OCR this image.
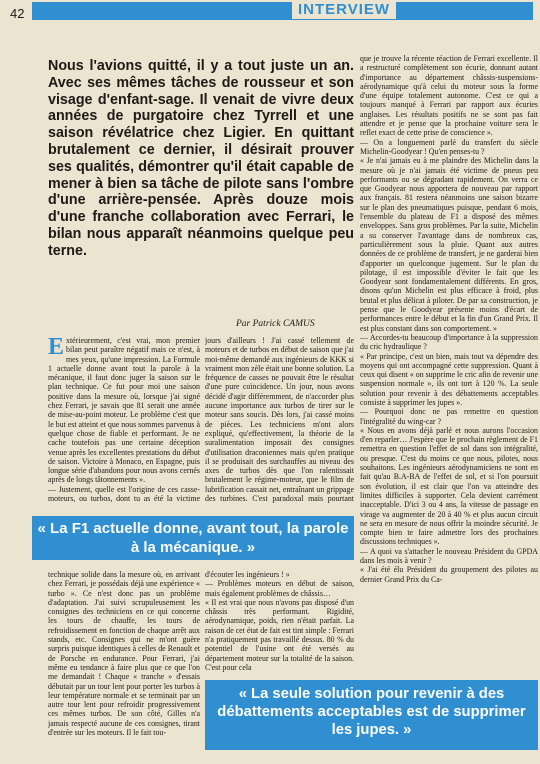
42	INTERVIEW

Nous l'avions quitté, il y a tout juste un an. Avec ses mêmes tâches de rousseur et son visage d'enfant-sage. Il venait de vivre deux années de purgatoire chez Tyrrell et une saison révélatrice chez Ligier. En quittant brutalement ce dernier, il désirait prouver ses qualités, démontrer qu'il était capable de mener à bien sa tâche de pilote sans l'ombre d'une arrière-pensée. Après douze mois d'une franche collaboration avec Ferrari, le bilan nous apparaît néanmoins quelque peu terne.

Par Patrick CAMUS

Extérieurement, c'est vrai, mon premier bilan peut paraître négatif mais ce n'est, à mes yeux, qu'une impression. La Formule 1 actuelle donne avant tout la parole à la mécanique, il faut donc juger la saison sur le plan technique. Ce fut pour moi une saison positive dans la mesure où, lorsque j'ai signé chez Ferrari, je savais que 81 serait une année de mise-au-point moteur. Le problème c'est que le but est atteint et que nous sommes parvenus à quelque chose de fiable et performant. Je ne cache toutefois pas une certaine déception venue après les excellentes prestations du début de saison. Victoire à Monaco, en Espagne, puis longue série d'abandons pour nous avons cernés après de longs tâtonnements ».

— Justement, quelle est l'origine de ces casse-moteurs, ou turbos, dont tu as été la victime

jours d'ailleurs ! J'ai cassé tellement de moteurs et de turbos en début de saison que j'ai moi-même demandé aux ingénieurs de KKK si vraiment mon zèle était une bonne solution. La fréquence de casses ne pouvait être le résultat d'une pure coïncidence. Un jour, nous avons décidé d'agir différemment, de n'accorder plus aucune importance aux turbos de tirer sur le moteur sans soucis. Dès lors, j'ai cassé moins de pièces. Les techniciens m'ont alors expliqué, qu'effectivement, la théorie de la suralimentation imposait des consignes d'utilisation draconiennes mais qu'en pratique il se produisait des surchauffes au niveau des axes de turbos dès que l'on ralentissait brutalement le régime-moteur, que le film de lubrification cassait net, entraînant un grippage des turbines. C'est paradoxal mais pourtant

« La F1 actuelle donne, avant tout, la parole à la mécanique. »

technique solide dans la mesure où, en arrivant chez Ferrari, je possédais déjà une expérience « turbo ». Ce n'est donc pas un problème d'adaptation. J'ai suivi scrupuleusement les consignes des techniciens en ce qui concerne les tours de chauffe, les tours de refroidissement en fonction de chaque arrêt aux stands, etc. Consignes qui ne m'ont guère surpris puisque identiques à celles de Renault et de Porsche en endurance. Pour Ferrari, j'ai même eu tendance à faire plus que ce que l'on me demandait ! Chaque « tranche » d'essais débutait par un tour lent pour porter les turbos à leur température normale et se terminait par un autre tour lent pour refroidir progressivement ces mêmes turbos. De son côté, Gilles n'a jamais respecté aucune de ces consignes, tirant d'entrée sur les moteurs. Il le fait tou-

d'écouter les ingénieurs ! »

— Problèmes moteurs en début de saison, mais également problèmes de châssis…

« Il est vrai que nous n'avons pas disposé d'un châssis très performant. Rigidité, aérodynamique, poids, rien n'était parfait. La raison de cet état de fait est tint simple : Ferrari n'a pratiquement pas travaillé dessus. 80 % du potentiel de l'usine ont été versés au département moteur sur la totalité de la saison. C'est pour cela

que je trouve la récente réaction de Ferrari excellente. Il a restructuré complètement son écurie, donnant autant d'importance au département châssis-suspensions-aérodynamique qu'à celui du moteur sous la forme d'une équipe totalement autonome. C'est ce qui a toujours manqué à Ferrari par rapport aux écuries anglaises. Les résultats positifs ne se sont pas fait attendre et je pense que la prochaine voiture sera le reflet exact de cette prise de conscience ».

— On a longuement parlé du transfert du siècle Michelin-Goodyear ! Qu'en penses-tu ?

« Je n'ai jamais eu à me plaindre des Michelin dans la mesure où je n'ai jamais été victime de pneus peu performants ou se dégradant rapidement. On verra ce que Goodyear nous apportera de nouveau par rapport aux français. 81 restera néanmoins une saison bizarre sur le plan des pneumatiques puisque, pendant 6 mois, l'ensemble du plateau de F1 a disposé des mêmes enveloppes. Sans gros problèmes. Par la suite, Michelin a su conserver l'avantage dans de nombreux cas, particulièrement sous la pluie. Quant aux autres données de ce problème de transfert, je ne garderai bien d'apporter un quelconque jugement. Sur le plan du pilotage, il est impossible d'éviter le fait que les Goodyear sont fondamentalement différents. En gros, disons qu'un Michelin est plus efficace à froid, plus brutal et plus délicat à piloter. De par sa construction, je pense que le Goodyear présente moins d'écart de performances entre le début et la fin d'un Grand Prix. Il est plus constant dans son comportement. »

— Accordes-tu beaucoup d'importance à la suppression du cric hydraulique ?

« Par principe, c'est un bien, mais tout va dépendre des moyens qui ont accompagné cette suppression. Quant à ceux qui disent « on supprime le cric afin de revenir une suspension normale », ils ont tort à 120 %. La seule solution pour revenir à des débattements acceptables consiste à supprimer les jupes ».

— Pourquoi donc ne pas remettre en question l'intégralité du wing-car ?

« Nous en avons déjà parlé et nous aurons l'occasion d'en reparler… J'espère que le prochain règlement de F1 remettra en question l'effet de sol dans son intégralité, ou presque. C'est du moins ce que nous, pilotes, nous souhaitons. Les ingénieurs aérodynamiciens ne sont en fait qu'au B.A-BA de l'effet de sol, et si l'on poursuit son évolution, il est clair que l'on va atteindre des limites difficiles à supporter. Cela devient carrément inacceptable. D'ici 3 ou 4 ans, la vitesse de passage en virage va augmenter de 20 à 40 % et plus aucun circuit ne sera en mesure de nous offrir la moindre sécurité. Je compte bien te faire admettre lors des prochaines discussions techniques ».

— A quoi va s'attacher le nouveau Président du GPDA dans les mois à venir ?

« J'ai été élu Président du groupement des pilotes au dernier Grand Prix du Ca-

« La seule solution pour revenir à des débattements acceptables est de supprimer les jupes. »
